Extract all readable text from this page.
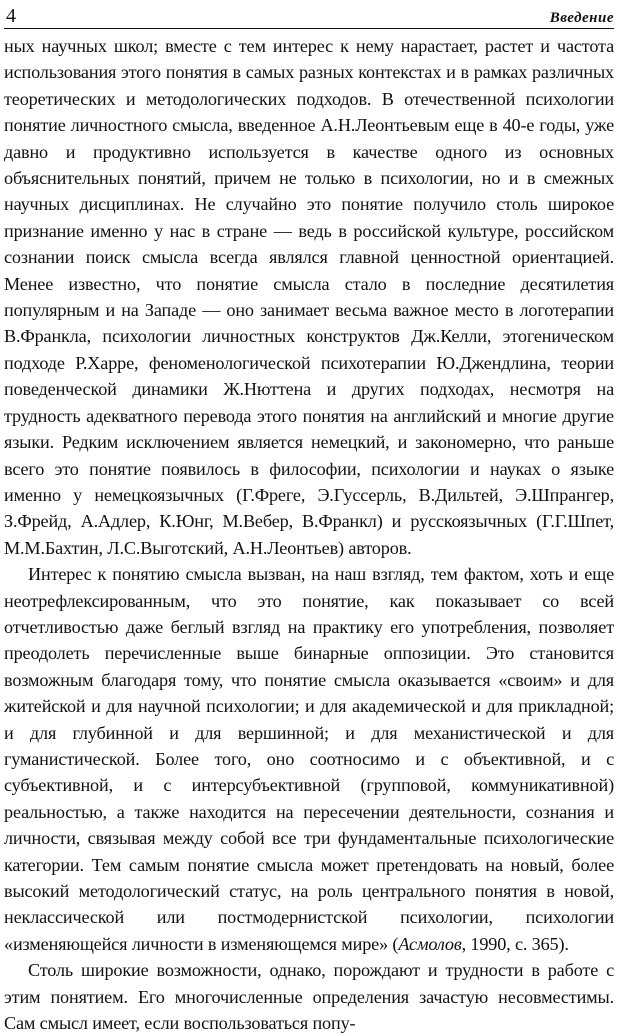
4	Введение

ных научных школ; вместе с тем интерес к нему нарастает, растет и частота использования этого понятия в самых разных контекстах и в рамках различных теоретических и методологических подходов. В отечественной психологии понятие личностного смысла, введенное А.Н.Леонтьевым еще в 40-е годы, уже давно и продуктивно используется в качестве одного из основных объяснительных понятий, причем не только в психологии, но и в смежных научных дисциплинах. Не случайно это понятие получило столь широкое признание именно у нас в стране — ведь в российской культуре, российском сознании поиск смысла всегда являлся главной ценностной ориентацией. Менее известно, что понятие смысла стало в последние десятилетия популярным и на Западе — оно занимает весьма важное место в логотерапии В.Франкла, психологии личностных конструктов Дж.Келли, этогеническом подходе Р.Харре, феноменологической психотерапии Ю.Джендлина, теории поведенческой динамики Ж.Нюттена и других подходах, несмотря на трудность адекватного перевода этого понятия на английский и многие другие языки. Редким исключением является немецкий, и закономерно, что раньше всего это понятие появилось в философии, психологии и науках о языке именно у немецкоязычных (Г.Фреге, Э.Гуссерль, В.Дильтей, Э.Шпрангер, З.Фрейд, А.Адлер, К.Юнг, М.Вебер, В.Франкл) и русскоязычных (Г.Г.Шпет, М.М.Бахтин, Л.С.Выготский, А.Н.Леонтьев) авторов.

Интерес к понятию смысла вызван, на наш взгляд, тем фактом, хоть и еще неотрефлексированным, что это понятие, как показывает со всей отчетливостью даже беглый взгляд на практику его употребления, позволяет преодолеть перечисленные выше бинарные оппозиции. Это становится возможным благодаря тому, что понятие смысла оказывается «своим» и для житейской и для научной психологии; и для академической и для прикладной; и для глубинной и для вершинной; и для механистической и для гуманистической. Более того, оно соотносимо и с объективной, и с субъективной, и с интерсубъективной (групповой, коммуникативной) реальностью, а также находится на пересечении деятельности, сознания и личности, связывая между собой все три фундаментальные психологические категории. Тем самым понятие смысла может претендовать на новый, более высокий методологический статус, на роль центрального понятия в новой, неклассической или постмодернистской психологии, психологии «изменяющейся личности в изменяющемся мире» (Асмолов, 1990, с. 365).

Столь широкие возможности, однако, порождают и трудности в работе с этим понятием. Его многочисленные определения зачастую несовместимы. Сам смысл имеет, если воспользоваться попу-
